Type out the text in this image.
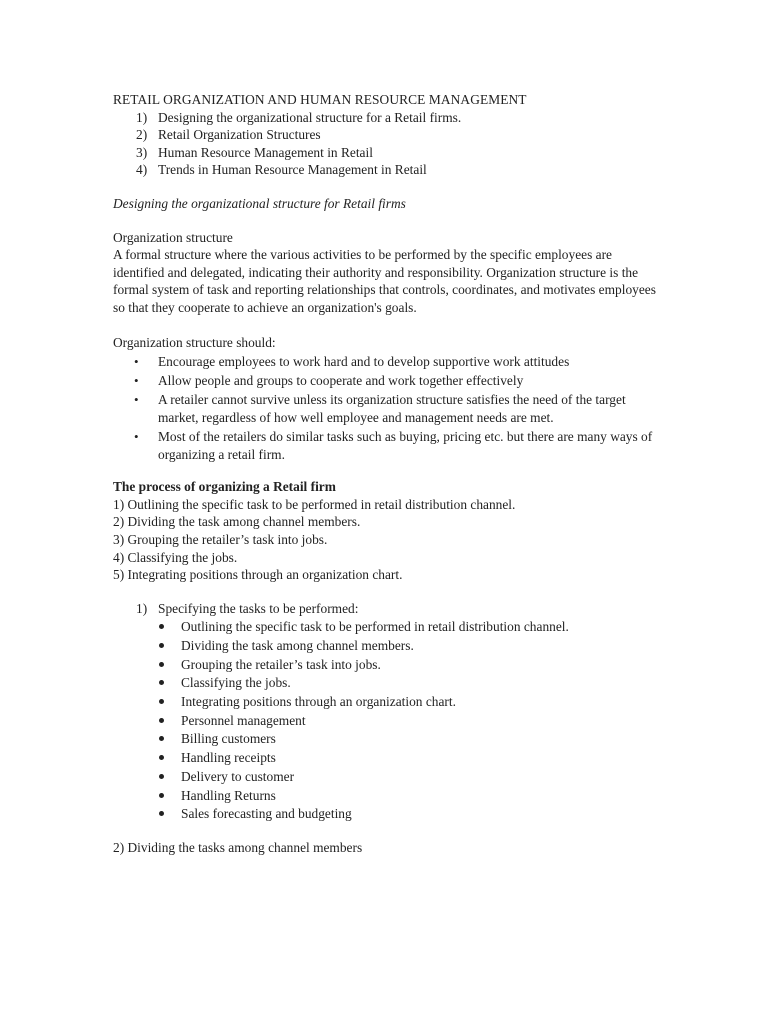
RETAIL ORGANIZATION AND HUMAN RESOURCE MANAGEMENT
1) Designing the organizational structure for a Retail firms.
2) Retail Organization Structures
3) Human Resource Management in Retail
4) Trends in Human Resource Management in Retail
Designing the organizational structure for Retail firms
Organization structure

A formal structure where the various activities to be performed by the specific employees are identified and delegated, indicating their authority and responsibility. Organization structure is the formal system of task and reporting relationships that controls, coordinates, and motivates employees so that they cooperate to achieve an organization's goals.

Organization structure should:
• Encourage employees to work hard and to develop supportive work attitudes
• Allow people and groups to cooperate and work together effectively
• A retailer cannot survive unless its organization structure satisfies the need of the target market, regardless of how well employee and management needs are met.
• Most of the retailers do similar tasks such as buying, pricing etc. but there are many ways of organizing a retail firm.
The process of organizing a Retail firm
1) Outlining the specific task to be performed in retail distribution channel.
2) Dividing the task among channel members.
3) Grouping the retailer’s task into jobs.
4) Classifying the jobs.
5) Integrating positions through an organization chart.
1) Specifying the tasks to be performed:
Outlining the specific task to be performed in retail distribution channel.
Dividing the task among channel members.
Grouping the retailer’s task into jobs.
Classifying the jobs.
Integrating positions through an organization chart.
Personnel management
Billing customers
Handling receipts
Delivery to customer
Handling Returns
Sales forecasting and budgeting
2) Dividing the tasks among channel members
